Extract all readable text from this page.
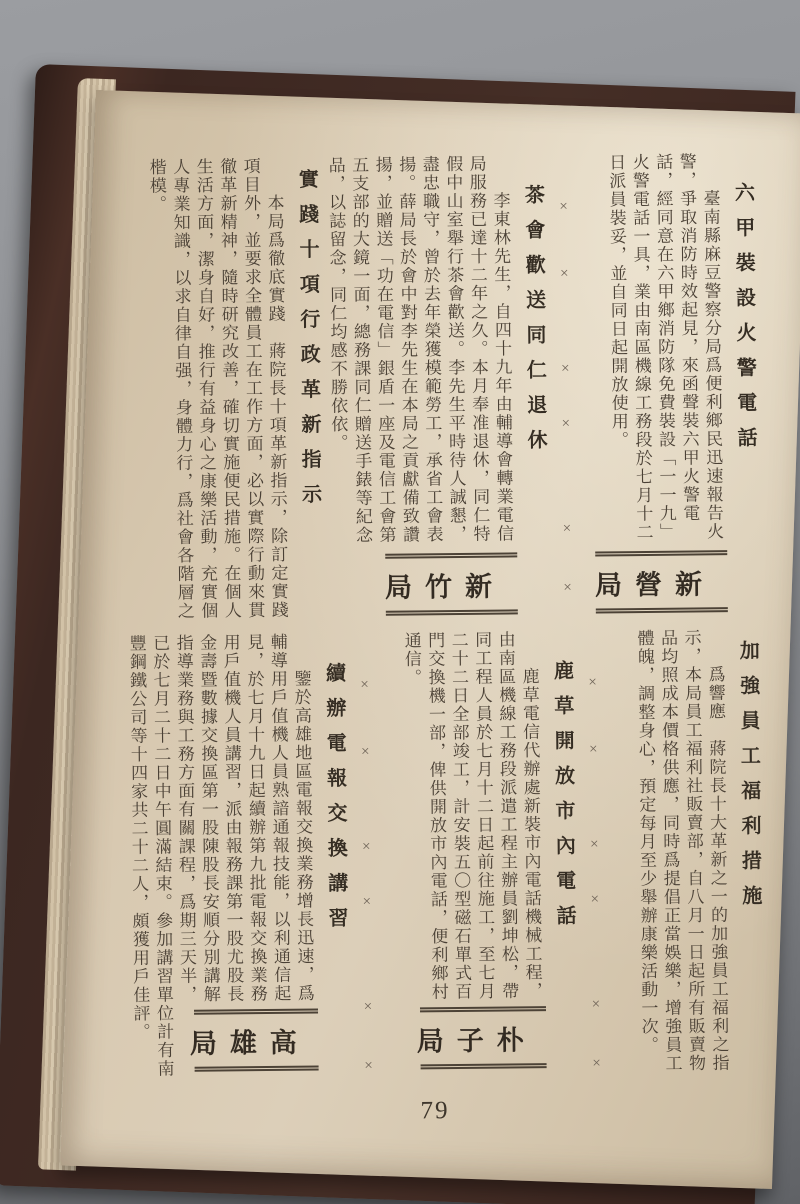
新營局
六甲裝設火警電話

臺南縣麻豆警察分局爲便利鄉民迅速報告火警，爭取消防時效起見，來函聲裝六甲火警電話，經同意在六甲鄉消防隊免費裝設「一一九」火警電話一具，業由南區機線工務段於七月十二日派員裝妥，並自同日起開放使用。

×
×
×
×
×
×
新竹局
茶會歡送同仁退休

李東林先生，自四十九年由輔導會轉業電信局服務已達十二年之久。本月奉准退休，同仁特假中山室舉行茶會歡送。李先生平時待人誠懇，盡忠職守，曾於去年榮獲模範勞工，承省工會表揚。薛局長於會中對李先生在本局之貢獻備致讚揚，並贈送「功在電信」銀盾一座及電信工會第五支部的大鏡一面，總務課同仁贈送手錶等紀念品，以誌留念，同仁均感不勝依依。

實踐十項行政革新指示

本局爲徹底實踐　蔣院長十項革新指示，除訂定實踐項目外，並要求全體員工在工作方面，必以實際行動來貫徹革新精神，隨時研究改善，確切實施便民措施。在個人生活方面，潔身自好，推行有益身心之康樂活動，充實個人專業知識，以求自律自强，身體力行，爲社會各階層之楷模。

加強員工福利措施

爲響應　蔣院長十大革新之一的加強員工福利之指示，本局員工福利社販賣部，自八月一日起所有販賣物品均照成本價格供應，同時爲提倡正當娛樂，增強員工體魄，調整身心，預定每月至少舉辦康樂活動一次。

×
×
×
×
×
×
朴子局
鹿草開放市內電話

鹿草電信代辦處新裝市內電話機械工程，由南區機線工務段派遣工程主辦員劉坤松，帶同工程人員於七月十二日起前往施工，至七月二十二日全部竣工，計安裝五〇型磁石單式百門交換機一部，俾供開放市內電話，便利鄉村通信。

×
×
×
×
×
×
高雄局
續辦電報交換講習

鑒於高雄地區電報交換業務增長迅速，爲輔導用戶值機人員熟諳通報技能，以利通信起見，於七月十九日起續辦第九批電報交換業務用戶值機人員講習，派由報務課第一股尤股長金壽暨數據交換區第一股陳股長安順分別講解指導業務與工務方面有關課程，爲期三天半，已於七月二十二日中午圓滿結束。參加講習單位計有南豐鋼鐵公司等十四家共二十二人，頗獲用戶佳評。

79
